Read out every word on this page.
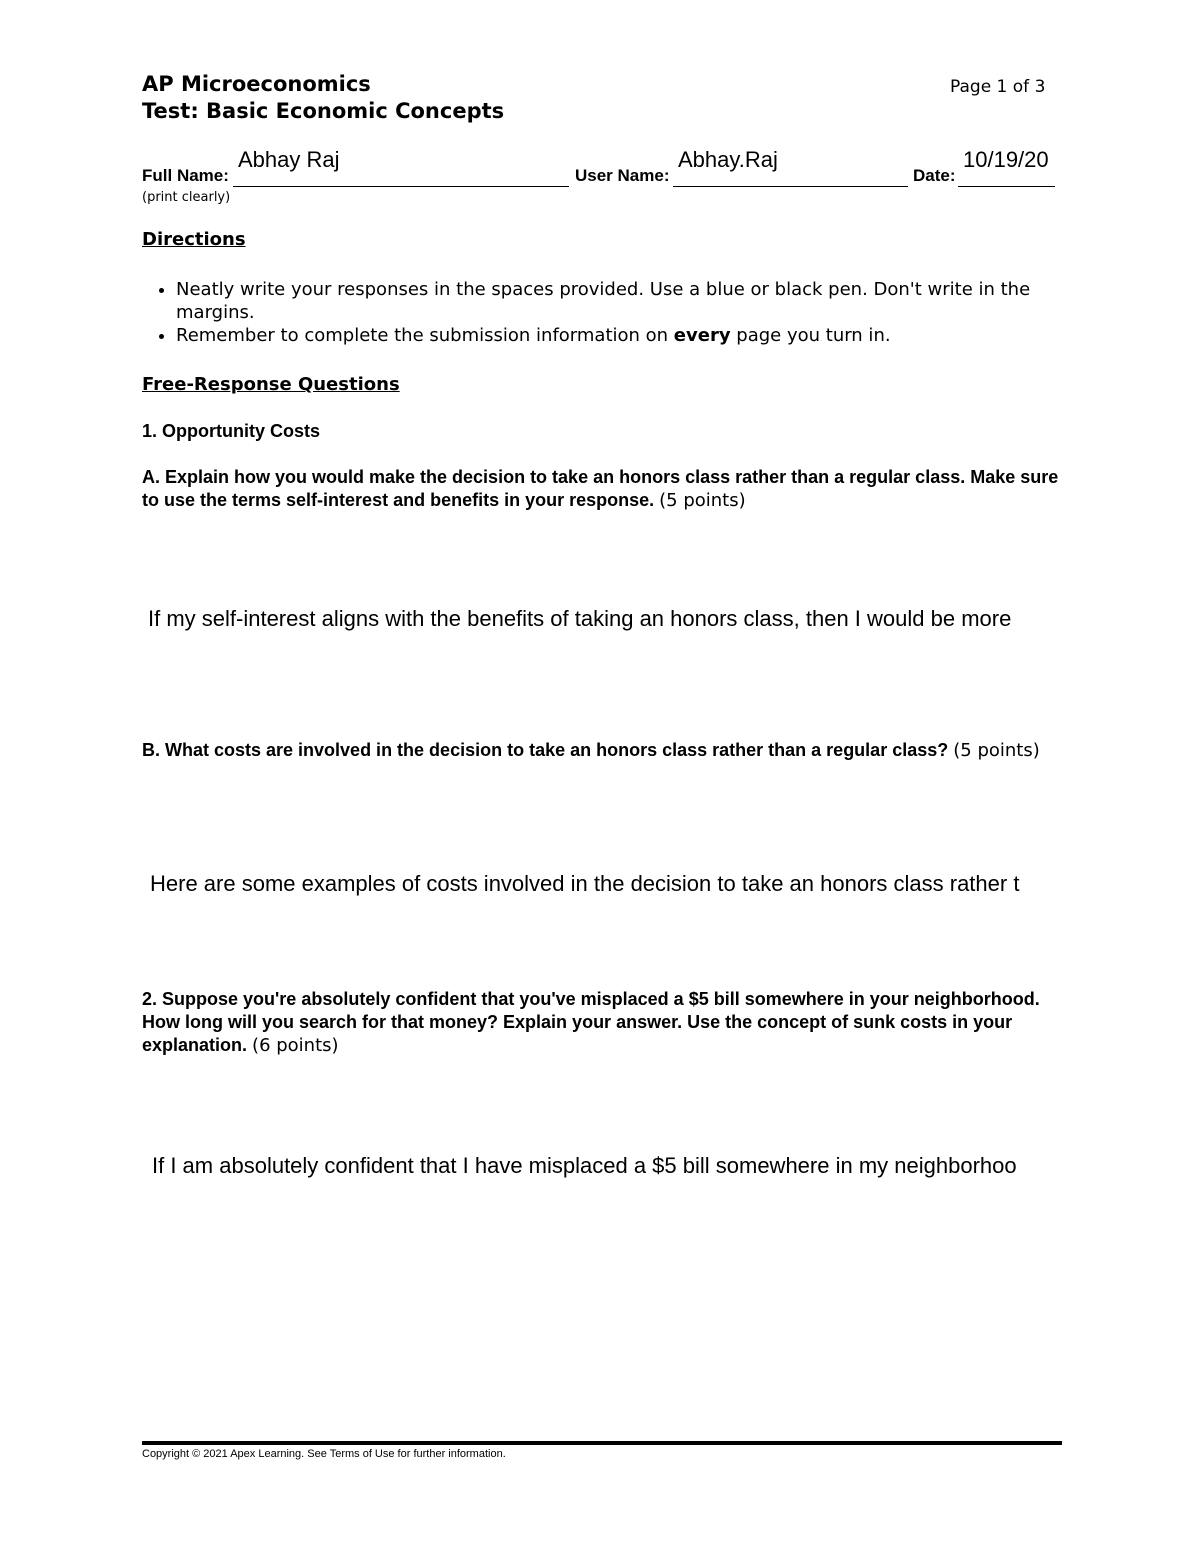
AP Microeconomics
Test: Basic Economic Concepts
Page 1 of 3
Full Name:
Abhay Raj
User Name:
Abhay.Raj
Date:
10/19/20
(print clearly)
Directions
• Neatly write your responses in the spaces provided. Use a blue or black pen. Don't write in the margins.
• Remember to complete the submission information on every page you turn in.
Free-Response Questions
1. Opportunity Costs
A. Explain how you would make the decision to take an honors class rather than a regular class. Make sure to use the terms self-interest and benefits in your response. (5 points)
If my self-interest aligns with the benefits of taking an honors class, then I would be more
B. What costs are involved in the decision to take an honors class rather than a regular class? (5 points)
Here are some examples of costs involved in the decision to take an honors class rather t
2. Suppose you're absolutely confident that you've misplaced a $5 bill somewhere in your neighborhood. How long will you search for that money? Explain your answer. Use the concept of sunk costs in your explanation. (6 points)
If I am absolutely confident that I have misplaced a $5 bill somewhere in my neighborhoo
Copyright © 2021 Apex Learning. See Terms of Use for further information.
